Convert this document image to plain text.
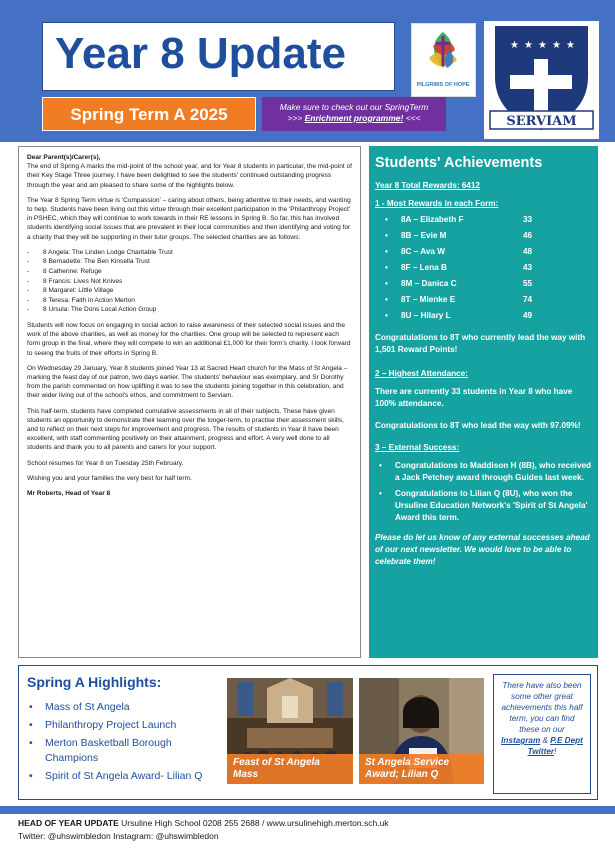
Year 8 Update
Spring Term A 2025	Make sure to check out our SpringTerm
>>> Enrichment programme! <<<
PILGRIMS OF HOPE
★ ★ ★ ★ ★
SERVIAM

Dear Parent(s)/Carer(s),

The end of Spring A marks the mid-point of the school year, and for Year 8 students in particular, the mid-point of their Key Stage Three journey. I have been delighted to see the students' continued outstanding progress through the year and am pleased to share some of the highlights below.

The Year 8 Spring Term virtue is 'Compassion' – caring about others, being attentive to their needs, and wanting to help. Students have been living out this virtue through their excellent participation in the 'Philanthropy Project' in PSHEC, which they will continue to work towards in their RE lessons in Spring B. So far, this has involved students identifying social issues that are prevalent in their local communities and then identifying and voting for a charity that they will be supporting in their tutor groups. The selected charities are as follows:

- 8 Angela: The Linden Lodge Charitable Trust
- 8 Bernadette: The Ben Kinsella Trust
- 8 Catherine: Refuge
- 8 Francis: Lives Not Knives
- 8 Margaret: Little Village
- 8 Teresa: Faith in Action Merton
- 8 Ursula: The Dons Local Action Group

Students will now focus on engaging in social action to raise awareness of their selected social issues and the work of the above charities, as well as money for the charities. One group will be selected to represent each form group in the final, where they will compete to win an additional £1,000 for their form's charity. I look forward to seeing the fruits of their efforts in Spring B.

On Wednesday 29 January, Year 8 students joined Year 13 at Sacred Heart church for the Mass of St Angela – marking the feast day of our patron, two days earlier. The students' behaviour was exemplary, and Sr Dorothy from the parish commented on how uplifting it was to see the students joining together in this celebration, and their wider living out of the school's ethos, and commitment to Serviam.

This half-term, students have completed cumulative assessments in all of their subjects. These have given students an opportunity to demonstrate their learning over the longer-term, to practise their assessment skills, and to reflect on their next steps for improvement and progress. The results of students in Year 8 have been excellent, with staff commenting positively on their attainment, progress and effort. A very well done to all students and thank you to all parents and carers for your support.

School resumes for Year 8 on Tuesday 25th February.

Wishing you and your families the very best for half term.

Mr Roberts, Head of Year 8

Students' Achievements
Year 8 Total Rewards: 6412
1 - Most Rewards in each Form:
• 8A – Elizabeth F	33
• 8B – Evie M	46
• 8C – Ava W	48
• 8F – Lena B	43
• 8M – Danica C	55
• 8T – Mienke E	74
• 8U – Hilary L	49
Congratulations to 8T who currently lead the way with 1,501 Reward Points!
2 – Highest Attendance:
There are currently 33 students in Year 8 who have 100% attendance.
Congratulations to 8T who lead the way with 97.09%!
3 – External Success:
• Congratulations to Maddison H (8B), who received a Jack Petchey award through Guides last week.
• Congratulations to Lilian Q (8U), who won the Ursuline Education Network's 'Spirit of St Angela' Award this term.
Please do let us know of any external successes ahead of our next newsletter. We would love to be able to celebrate them!
Spring A Highlights:
• Mass of St Angela
• Philanthropy Project Launch
• Merton Basketball Borough Champions
• Spirit of St Angela Award- Lilian Q
Feast of St Angela Mass
St Angela Service Award; Lilian Q
There have also been some other great achievements this half term, you can find these on our Instagram & P.E Dept Twitter!
HEAD OF YEAR UPDATE Ursuline High School 0208 255 2688 / www.ursulinehigh.merton.sch.uk
Twitter: @uhswimbledon Instagram: @uhswimbledon
